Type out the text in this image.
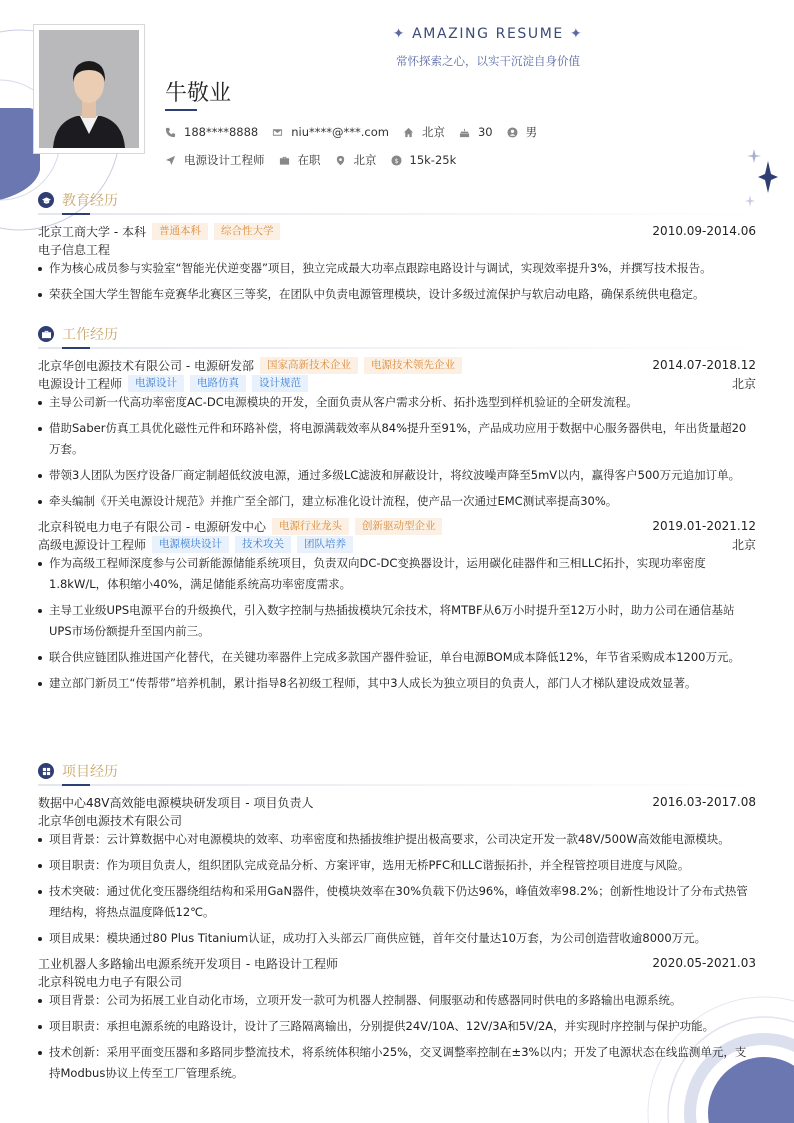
✦ AMAZING RESUME ✦
常怀探索之心，以实干沉淀自身价值
牛敬业
188****8888	niu****@***.com	北京	30	男
电源设计工程师	在职	北京 $ 15k-25k
教育经历
北京工商大学 - 本科	普通本科	综合性大学	2010.09-2014.06
电子信息工程
作为核心成员参与实验室“智能光伏逆变器”项目，独立完成最大功率点跟踪电路设计与调试，实现效率提升3%，并撰写技术报告。
荣获全国大学生智能车竞赛华北赛区三等奖，在团队中负责电源管理模块，设计多级过流保护与软启动电路，确保系统供电稳定。
工作经历
北京华创电源技术有限公司 - 电源研发部	国家高新技术企业	电源技术领先企业	2014.07-2018.12
电源设计工程师	电源设计	电路仿真	设计规范	北京
主导公司新一代高功率密度AC-DC电源模块的开发，全面负责从客户需求分析、拓扑选型到样机验证的全研发流程。
借助Saber仿真工具优化磁性元件和环路补偿，将电源满载效率从84%提升至91%，产品成功应用于数据中心服务器供电，年出货量超20万套。
带领3人团队为医疗设备厂商定制超低纹波电源，通过多级LC滤波和屏蔽设计，将纹波噪声降至5mV以内，赢得客户500万元追加订单。
牵头编制《开关电源设计规范》并推广至全部门，建立标准化设计流程，使产品一次通过EMC测试率提高30%。
北京科锐电力电子有限公司 - 电源研发中心	电源行业龙头	创新驱动型企业	2019.01-2021.12
高级电源设计工程师	电源模块设计	技术攻关	团队培养	北京
作为高级工程师深度参与公司新能源储能系统项目，负责双向DC-DC变换器设计，运用碳化硅器件和三相LLC拓扑，实现功率密度1.8kW/L，体积缩小40%，满足储能系统高功率密度需求。
主导工业级UPS电源平台的升级换代，引入数字控制与热插拔模块冗余技术，将MTBF从6万小时提升至12万小时，助力公司在通信基站UPS市场份额提升至国内前三。
联合供应链团队推进国产化替代，在关键功率器件上完成多款国产器件验证，单台电源BOM成本降低12%，年节省采购成本1200万元。
建立部门新员工“传帮带”培养机制，累计指导8名初级工程师，其中3人成长为独立项目的负责人，部门人才梯队建设成效显著。
项目经历
数据中心48V高效能电源模块研发项目 - 项目负责人	2016.03-2017.08
北京华创电源技术有限公司
项目背景：云计算数据中心对电源模块的效率、功率密度和热插拔维护提出极高要求，公司决定开发一款48V/500W高效能电源模块。
项目职责：作为项目负责人，组织团队完成竞品分析、方案评审，选用无桥PFC和LLC谐振拓扑，并全程管控项目进度与风险。
技术突破：通过优化变压器绕组结构和采用GaN器件，使模块效率在30%负载下仍达96%，峰值效率98.2%；创新性地设计了分布式热管理结构，将热点温度降低12℃。
项目成果：模块通过80 Plus Titanium认证，成功打入头部云厂商供应链，首年交付量达10万套，为公司创造营收逾8000万元。
工业机器人多路输出电源系统开发项目 - 电路设计工程师	2020.05-2021.03
北京科锐电力电子有限公司
项目背景：公司为拓展工业自动化市场，立项开发一款可为机器人控制器、伺服驱动和传感器同时供电的多路输出电源系统。
项目职责：承担电源系统的电路设计，设计了三路隔离输出，分别提供24V/10A、12V/3A和5V/2A，并实现时序控制与保护功能。
技术创新：采用平面变压器和多路同步整流技术，将系统体积缩小25%，交叉调整率控制在±3%以内；开发了电源状态在线监测单元，支持Modbus协议上传至工厂管理系统。
